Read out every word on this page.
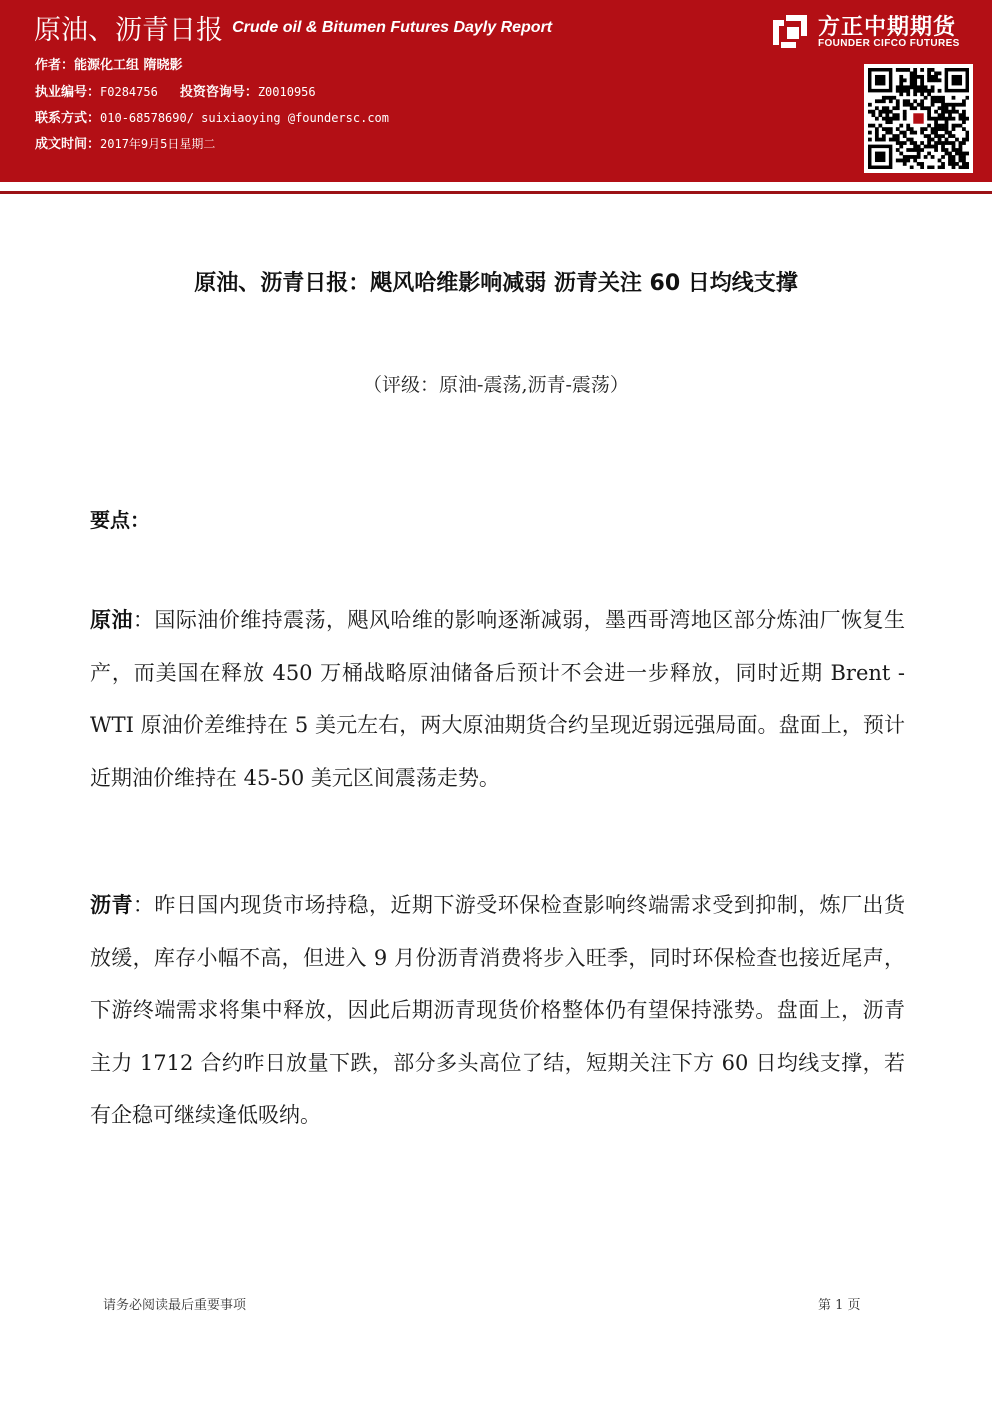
原油、沥青日报 Crude oil & Bitumen Futures Dayly Report
作者：能源化工组 隋晓影
执业编号：F0284756 投资咨询号：Z0010956
联系方式：010-68578690/ suixiaoying @foundersc.com
成文时间：2017年9月5日星期二
方正中期期货
FOUNDER CIFCO FUTURES
原油、沥青日报：飓风哈维影响减弱 沥青关注 60 日均线支撑
（评级：原油-震荡,沥青-震荡）
要点：
原油：国际油价维持震荡，飓风哈维的影响逐渐减弱，墨西哥湾地区部分炼油厂恢复生产，而美国在释放 450 万桶战略原油储备后预计不会进一步释放，同时近期 Brent -WTI 原油价差维持在 5 美元左右，两大原油期货合约呈现近弱远强局面。盘面上，预计近期油价维持在 45-50 美元区间震荡走势。
沥青：昨日国内现货市场持稳，近期下游受环保检查影响终端需求受到抑制，炼厂出货放缓，库存小幅不高，但进入 9 月份沥青消费将步入旺季，同时环保检查也接近尾声，下游终端需求将集中释放，因此后期沥青现货价格整体仍有望保持涨势。盘面上，沥青主力 1712 合约昨日放量下跌，部分多头高位了结，短期关注下方 60 日均线支撑，若有企稳可继续逢低吸纳。
请务必阅读最后重要事项	第 1 页
